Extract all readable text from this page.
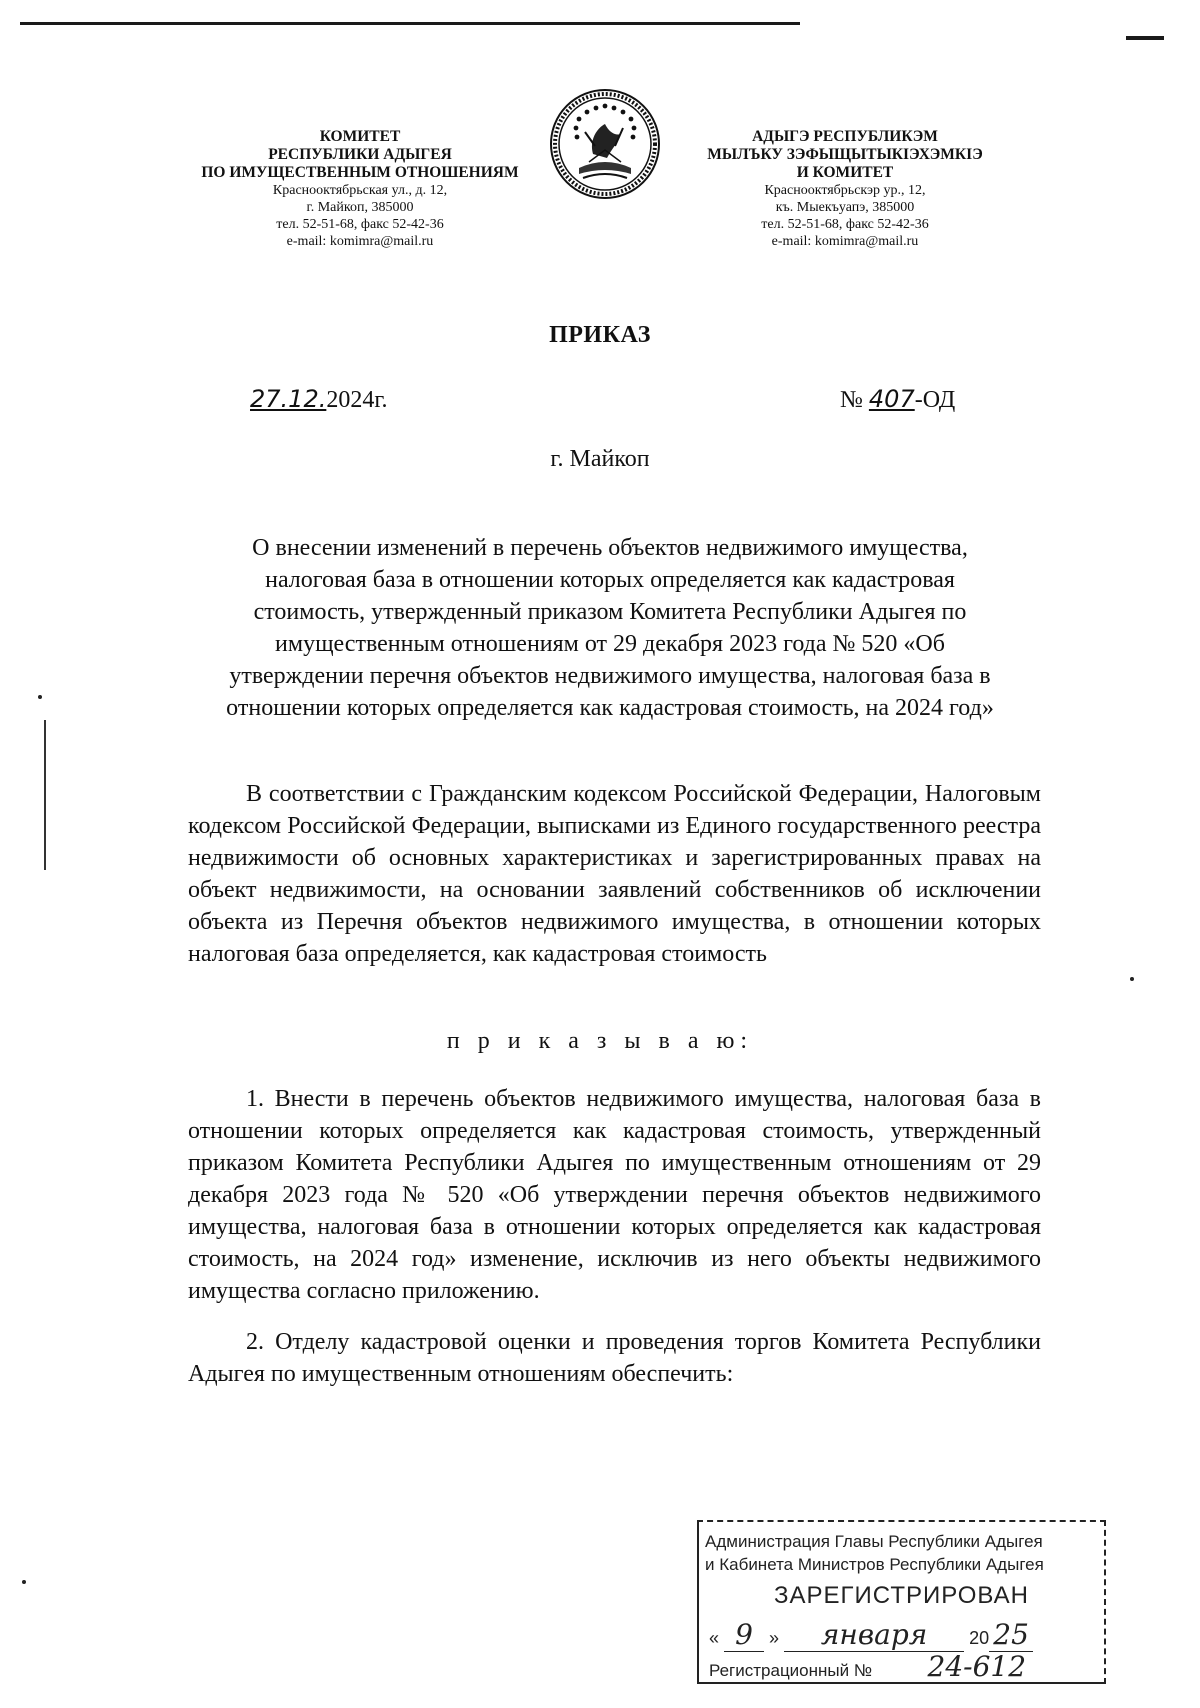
КОМИТЕТ
РЕСПУБЛИКИ АДЫГЕЯ
ПО ИМУЩЕСТВЕННЫМ ОТНОШЕНИЯМ
Краснооктябрьская ул., д. 12,
г. Майкоп, 385000
тел. 52-51-68, факс 52-42-36
e-mail: komimra@mail.ru
АДЫГЭ РЕСПУБЛИКЭМ
МЫЛЪКУ ЗЭФЫЩЫТЫКІЭХЭМКІЭ
И КОМИТЕТ
Краснооктябрьскэр ур., 12,
къ. Мыекъуапэ, 385000
тел. 52-51-68, факс 52-42-36
e-mail: komimra@mail.ru
ПРИКАЗ
27.12.2024г.	№ 407-ОД
г. Майкоп
О внесении изменений в перечень объектов недвижимого имущества,
налоговая база в отношении которых определяется как кадастровая
стоимость, утвержденный приказом Комитета Республики Адыгея по
имущественным отношениям от 29 декабря 2023 года № 520 «Об
утверждении перечня объектов недвижимого имущества, налоговая база в
отношении которых определяется как кадастровая стоимость, на 2024 год»
В соответствии с Гражданским кодексом Российской Федерации, Налоговым кодексом Российской Федерации, выписками из Единого государственного реестра недвижимости об основных характеристиках и зарегистрированных правах на объект недвижимости, на основании заявлений собственников об исключении объекта из Перечня объектов недвижимого имущества, в отношении которых налоговая база определяется, как кадастровая стоимость
п р и к а з ы в а ю:
1. Внести в перечень объектов недвижимого имущества, налоговая база в отношении которых определяется как кадастровая стоимость, утвержденный приказом Комитета Республики Адыгея по имущественным отношениям от 29 декабря 2023 года № 520 «Об утверждении перечня объектов недвижимого имущества, налоговая база в отношении которых определяется как кадастровая стоимость, на 2024 год» изменение, исключив из него объекты недвижимого имущества согласно приложению.
2. Отделу кадастровой оценки и проведения торгов Комитета Республики Адыгея по имущественным отношениям обеспечить:
Администрация Главы Республики Адыгея
и Кабинета Министров Республики Адыгея
ЗАРЕГИСТРИРОВАН
« 9 » января 20 25
Регистрационный № 24-612
